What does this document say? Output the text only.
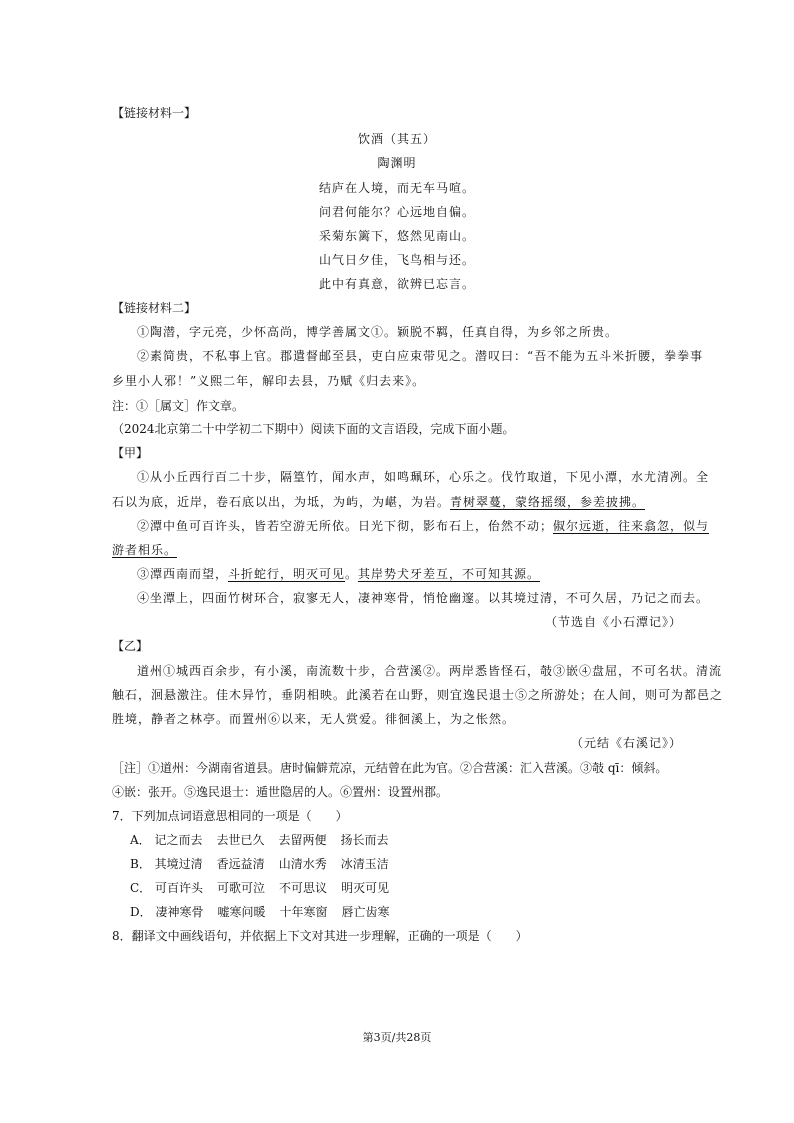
【链接材料一】
饮酒（其五）
陶渊明
结庐在人境，而无车马喧。
问君何能尔？心远地自偏。
采菊东篱下，悠然见南山。
山气日夕佳，飞鸟相与还。
此中有真意，欲辨已忘言。
【链接材料二】
①陶潜，字元亮，少怀高尚，博学善属文①。颖脱不羁，任真自得，为乡邻之所贵。
②素简贵，不私事上官。郡遣督邮至县，吏白应束带见之。潜叹曰：“吾不能为五斗米折腰，拳拳事
乡里小人邪！”义熙二年，解印去县，乃赋《归去来》。
注：①［属文］作文章。
（2024北京第二十中学初二下期中）阅读下面的文言语段，完成下面小题。
【甲】
①从小丘西行百二十步，隔篁竹，闻水声，如鸣珮环，心乐之。伐竹取道，下见小潭，水尤清冽。全
石以为底，近岸，卷石底以出，为坻，为屿，为嵁，为岩。青树翠蔓，蒙络摇缀，参差披拂。
②潭中鱼可百许头，皆若空游无所依。日光下彻，影布石上，佁然不动；俶尔远逝，往来翕忽，似与
游者相乐。
③潭西南而望，斗折蛇行，明灭可见。其岸势犬牙差互，不可知其源。
④坐潭上，四面竹树环合，寂寥无人，凄神寒骨，悄怆幽邃。以其境过清，不可久居，乃记之而去。
（节选自《小石潭记》）
【乙】
道州①城西百余步，有小溪，南流数十步，合营溪②。两岸悉皆怪石，攲③嵌④盘屈，不可名状。清流
触石，洄悬激注。佳木异竹，垂阴相映。此溪若在山野，则宜逸民退士⑤之所游处；在人间，则可为都邑之
胜境，静者之林亭。而置州⑥以来，无人赏爱。徘徊溪上，为之怅然。
（元结《右溪记》）
［注］①道州：今湖南省道县。唐时偏僻荒凉，元结曾在此为官。②合营溪：汇入营溪。③攲 qī：倾斜。
④嵌：张开。⑤逸民退士：遁世隐居的人。⑥置州：设置州郡。
7．下列加点词语意思相同的一项是（　　）
A． 记之而去 去世已久 去留两便 扬长而去
B． 其境过清 香远益清 山清水秀 冰清玉洁
C． 可百许头 可歌可泣 不可思议 明灭可见
D． 凄神寒骨 嘘寒问暖 十年寒窗 唇亡齿寒
8．翻译文中画线语句，并依据上下文对其进一步理解，正确的一项是（　　）
第3页/共28页
